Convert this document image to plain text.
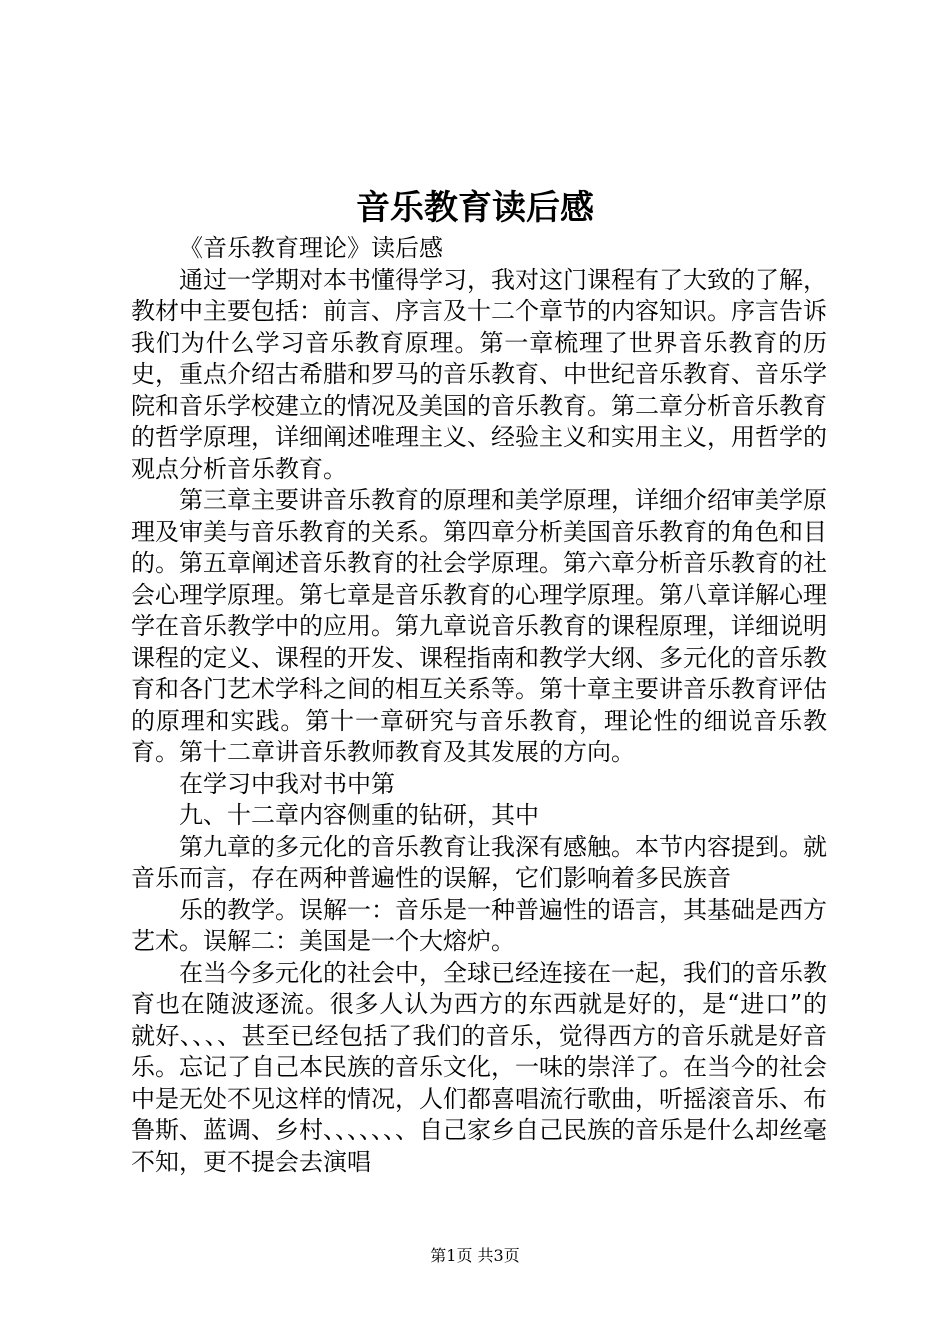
音乐教育读后感

《音乐教育理论》读后感

通过一学期对本书懂得学习，我对这门课程有了大致的了解，教材中主要包括：前言、序言及十二个章节的内容知识。序言告诉我们为什么学习音乐教育原理。第一章梳理了世界音乐教育的历史，重点介绍古希腊和罗马的音乐教育、中世纪音乐教育、音乐学院和音乐学校建立的情况及美国的音乐教育。第二章分析音乐教育的哲学原理，详细阐述唯理主义、经验主义和实用主义，用哲学的观点分析音乐教育。

第三章主要讲音乐教育的原理和美学原理，详细介绍审美学原理及审美与音乐教育的关系。第四章分析美国音乐教育的角色和目的。第五章阐述音乐教育的社会学原理。第六章分析音乐教育的社会心理学原理。第七章是音乐教育的心理学原理。第八章详解心理学在音乐教学中的应用。第九章说音乐教育的课程原理，详细说明课程的定义、课程的开发、课程指南和教学大纲、多元化的音乐教育和各门艺术学科之间的相互关系等。第十章主要讲音乐教育评估的原理和实践。第十一章研究与音乐教育，理论性的细说音乐教育。第十二章讲音乐教师教育及其发展的方向。

在学习中我对书中第

九、十二章内容侧重的钻研，其中

第九章的多元化的音乐教育让我深有感触。本节内容提到。就音乐而言，存在两种普遍性的误解，它们影响着多民族音

乐的教学。误解一：音乐是一种普遍性的语言，其基础是西方艺术。误解二：美国是一个大熔炉。

在当今多元化的社会中，全球已经连接在一起，我们的音乐教育也在随波逐流。很多人认为西方的东西就是好的，是“进口”的就好、、、、甚至已经包括了我们的音乐，觉得西方的音乐就是好音乐。忘记了自己本民族的音乐文化，一味的崇洋了。在当今的社会中是无处不见这样的情况，人们都喜唱流行歌曲，听摇滚音乐、布鲁斯、蓝调、乡村、、、、、、、自己家乡自己民族的音乐是什么却丝毫不知，更不提会去演唱

第1页 共3页
